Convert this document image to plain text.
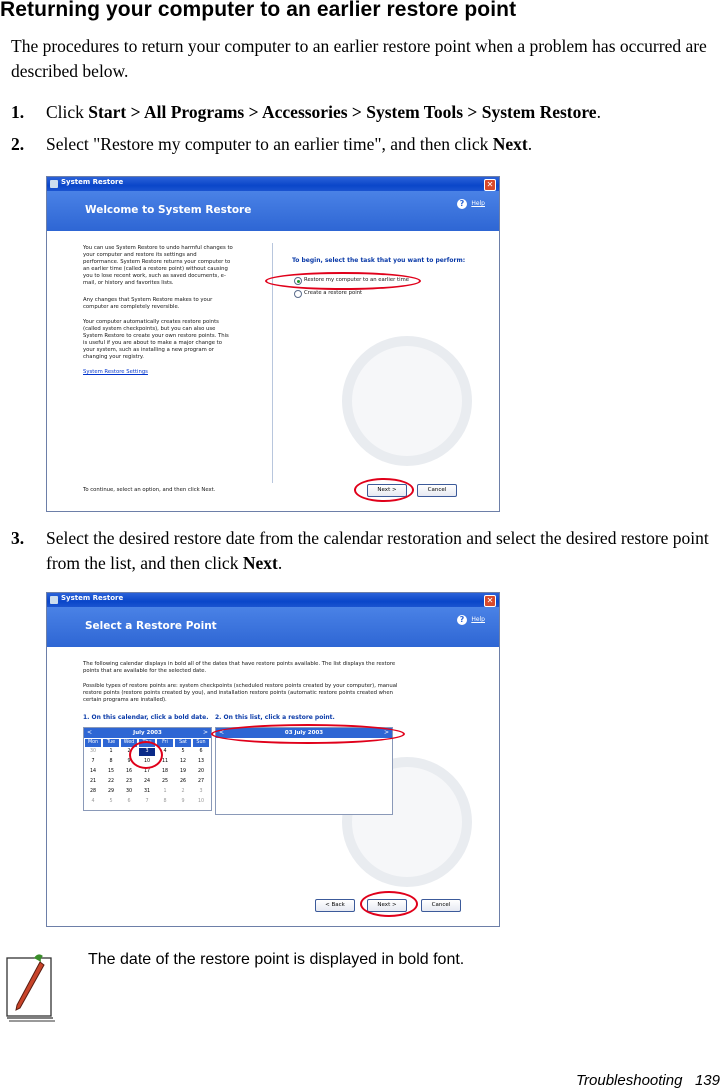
Returning your computer to an earlier restore point
The procedures to return your computer to an earlier restore point when a problem has occurred are described below.
1. Click Start > All Programs > Accessories > System Tools > System Restore.
2. Select "Restore my computer to an earlier time", and then click Next.
System Restore	✕
Welcome to System Restore
?	Help
You can use System Restore to undo harmful changes to your computer and restore its settings and performance. System Restore returns your computer to an earlier time (called a restore point) without causing you to lose recent work, such as saved documents, e-mail, or history and favorites lists.
Any changes that System Restore makes to your computer are completely reversible.
Your computer automatically creates restore points (called system checkpoints), but you can also use System Restore to create your own restore points. This is useful if you are about to make a major change to your system, such as installing a new program or changing your registry.
System Restore Settings
To begin, select the task that you want to perform:
Restore my computer to an earlier time
Create a restore point
To continue, select an option, and then click Next.	Next >	Cancel
3. Select the desired restore date from the calendar restoration and select the desired restore point from the list, and then click Next.
System Restore	✕
Select a Restore Point
?	Help
The following calendar displays in bold all of the dates that have restore points available. The list displays the restore points that are available for the selected date.
Possible types of restore points are: system checkpoints (scheduled restore points created by your computer), manual restore points (restore points created by you), and installation restore points (automatic restore points created when certain programs are installed).
1. On this calendar, click a bold date. 2. On this list, click a restore point.
July 2003
<	>
Mon	Tue	Wed	Thu	Fri	Sat	Sun
30	1	2	3	4	5	6
7	8	9	10	11	12	13
14	15	16	17	18	19	20
21	22	23	24	25	26	27
28	29	30	31	1	2	3
4	5	6	7	8	9	10
03 July 2003
<	>
< Back	Next >	Cancel
The date of the restore point is displayed in bold font.
Troubleshooting 139
